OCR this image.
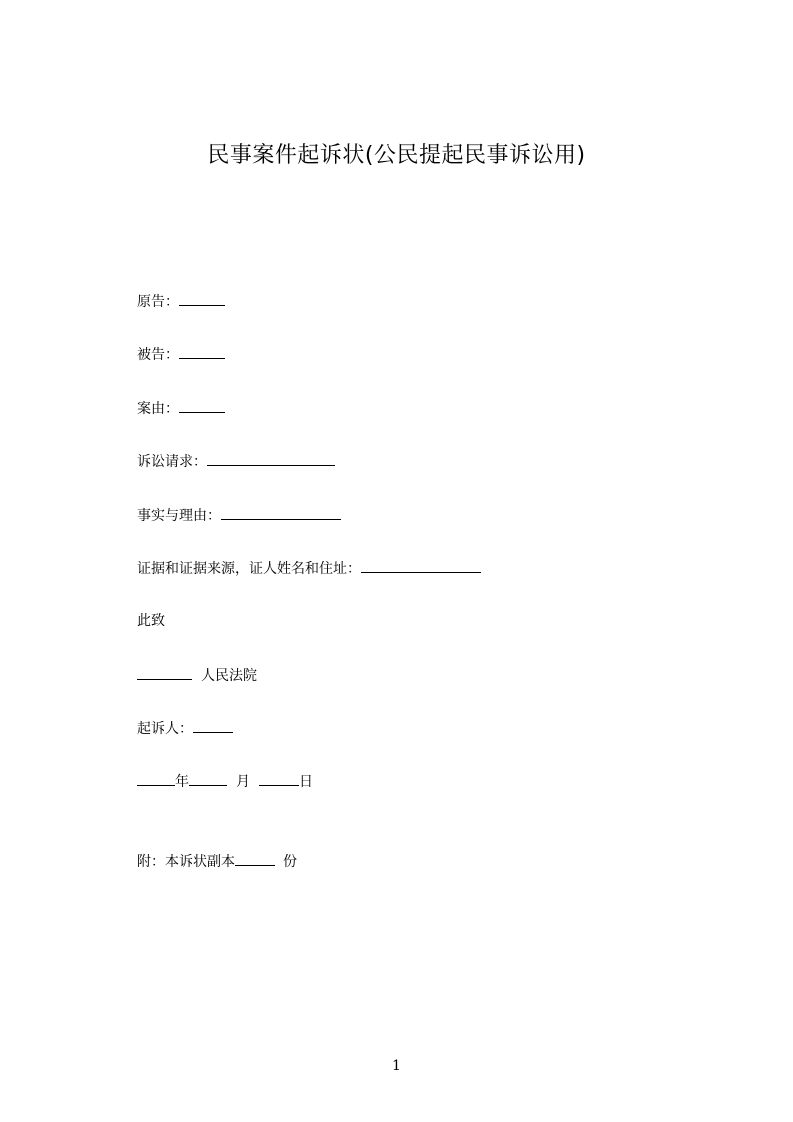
民事案件起诉状(公民提起民事诉讼用)
原告：
被告：
案由：
诉讼请求：
事实与理由：
证据和证据来源，证人姓名和住址：
此致
人民法院
起诉人：
年	月	日
附：本诉状副本	份
1
